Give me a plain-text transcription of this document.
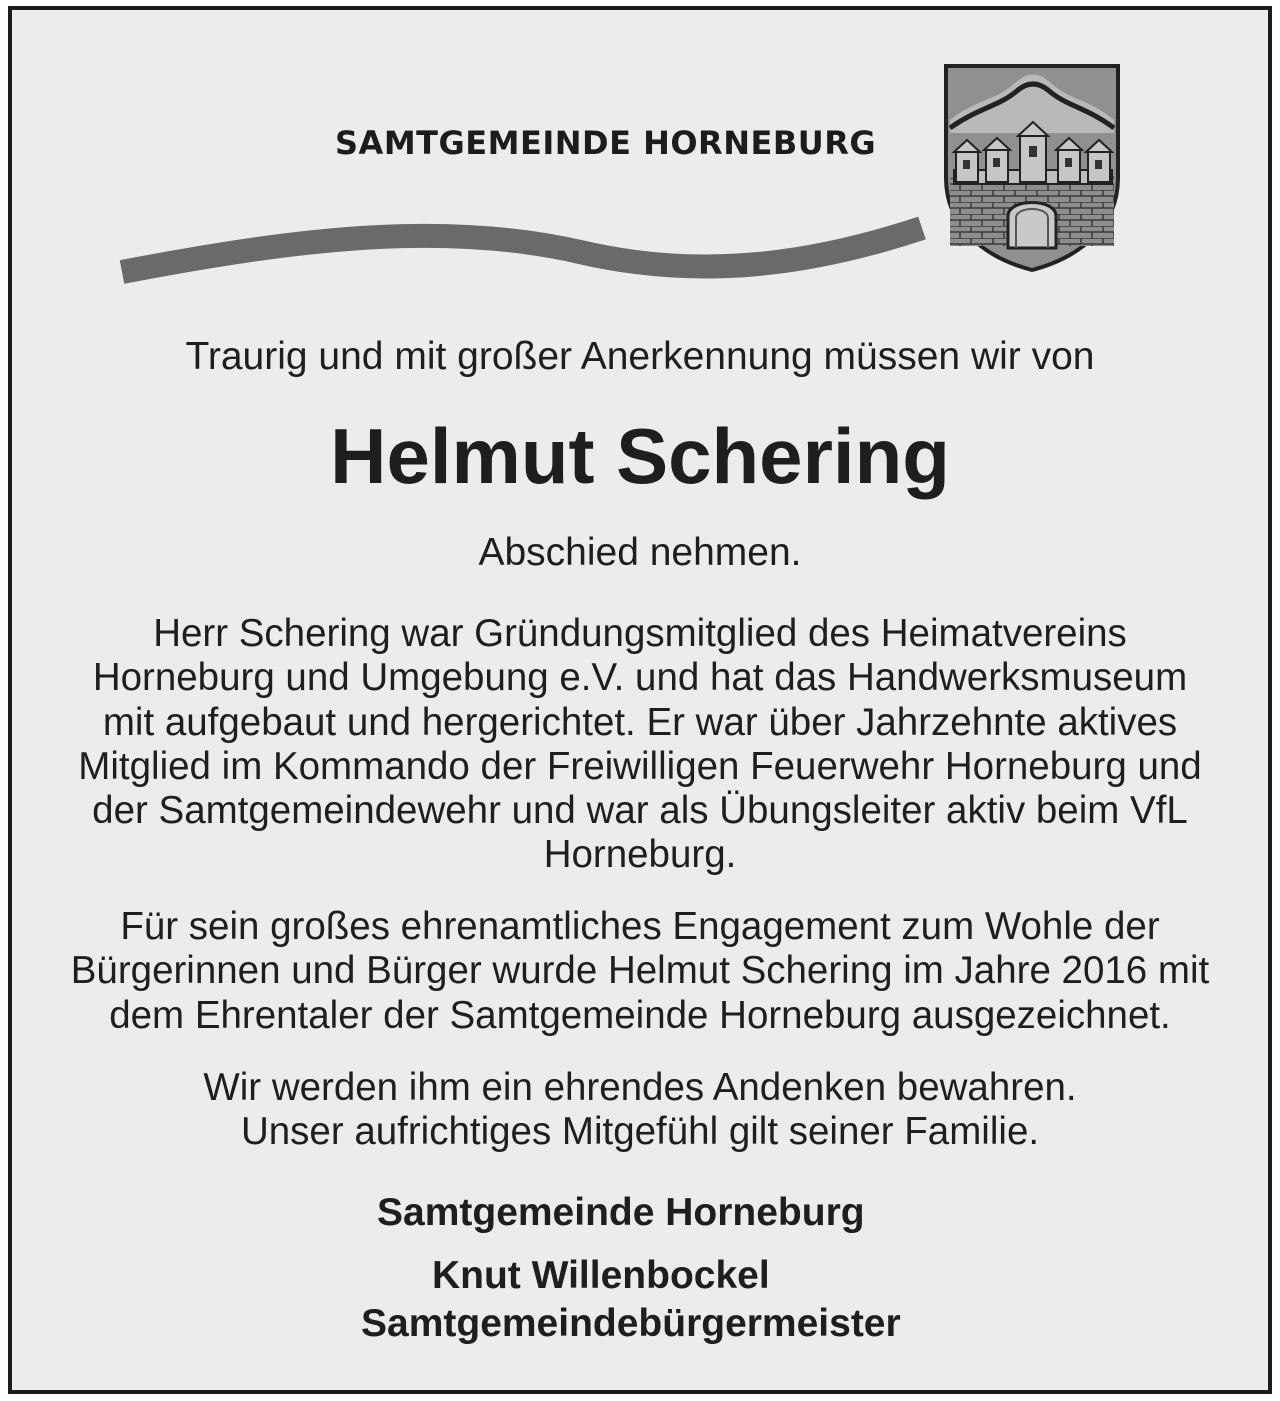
SAMTGEMEINDE HORNEBURG

Traurig und mit großer Anerkennung müssen wir von

Helmut Schering

Abschied nehmen.

Herr Schering war Gründungsmitglied des Heimatvereins
Horneburg und Umgebung e.V. und hat das Handwerksmuseum
mit aufgebaut und hergerichtet. Er war über Jahrzehnte aktives
Mitglied im Kommando der Freiwilligen Feuerwehr Horneburg und
der Samtgemeindewehr und war als Übungsleiter aktiv beim VfL
Horneburg.
Für sein großes ehrenamtliches Engagement zum Wohle der
Bürgerinnen und Bürger wurde Helmut Schering im Jahre 2016 mit
dem Ehrentaler der Samtgemeinde Horneburg ausgezeichnet.
Wir werden ihm ein ehrendes Andenken bewahren.
Unser aufrichtiges Mitgefühl gilt seiner Familie.
Samtgemeinde Horneburg
Knut Willenbockel
Samtgemeindebürgermeister
